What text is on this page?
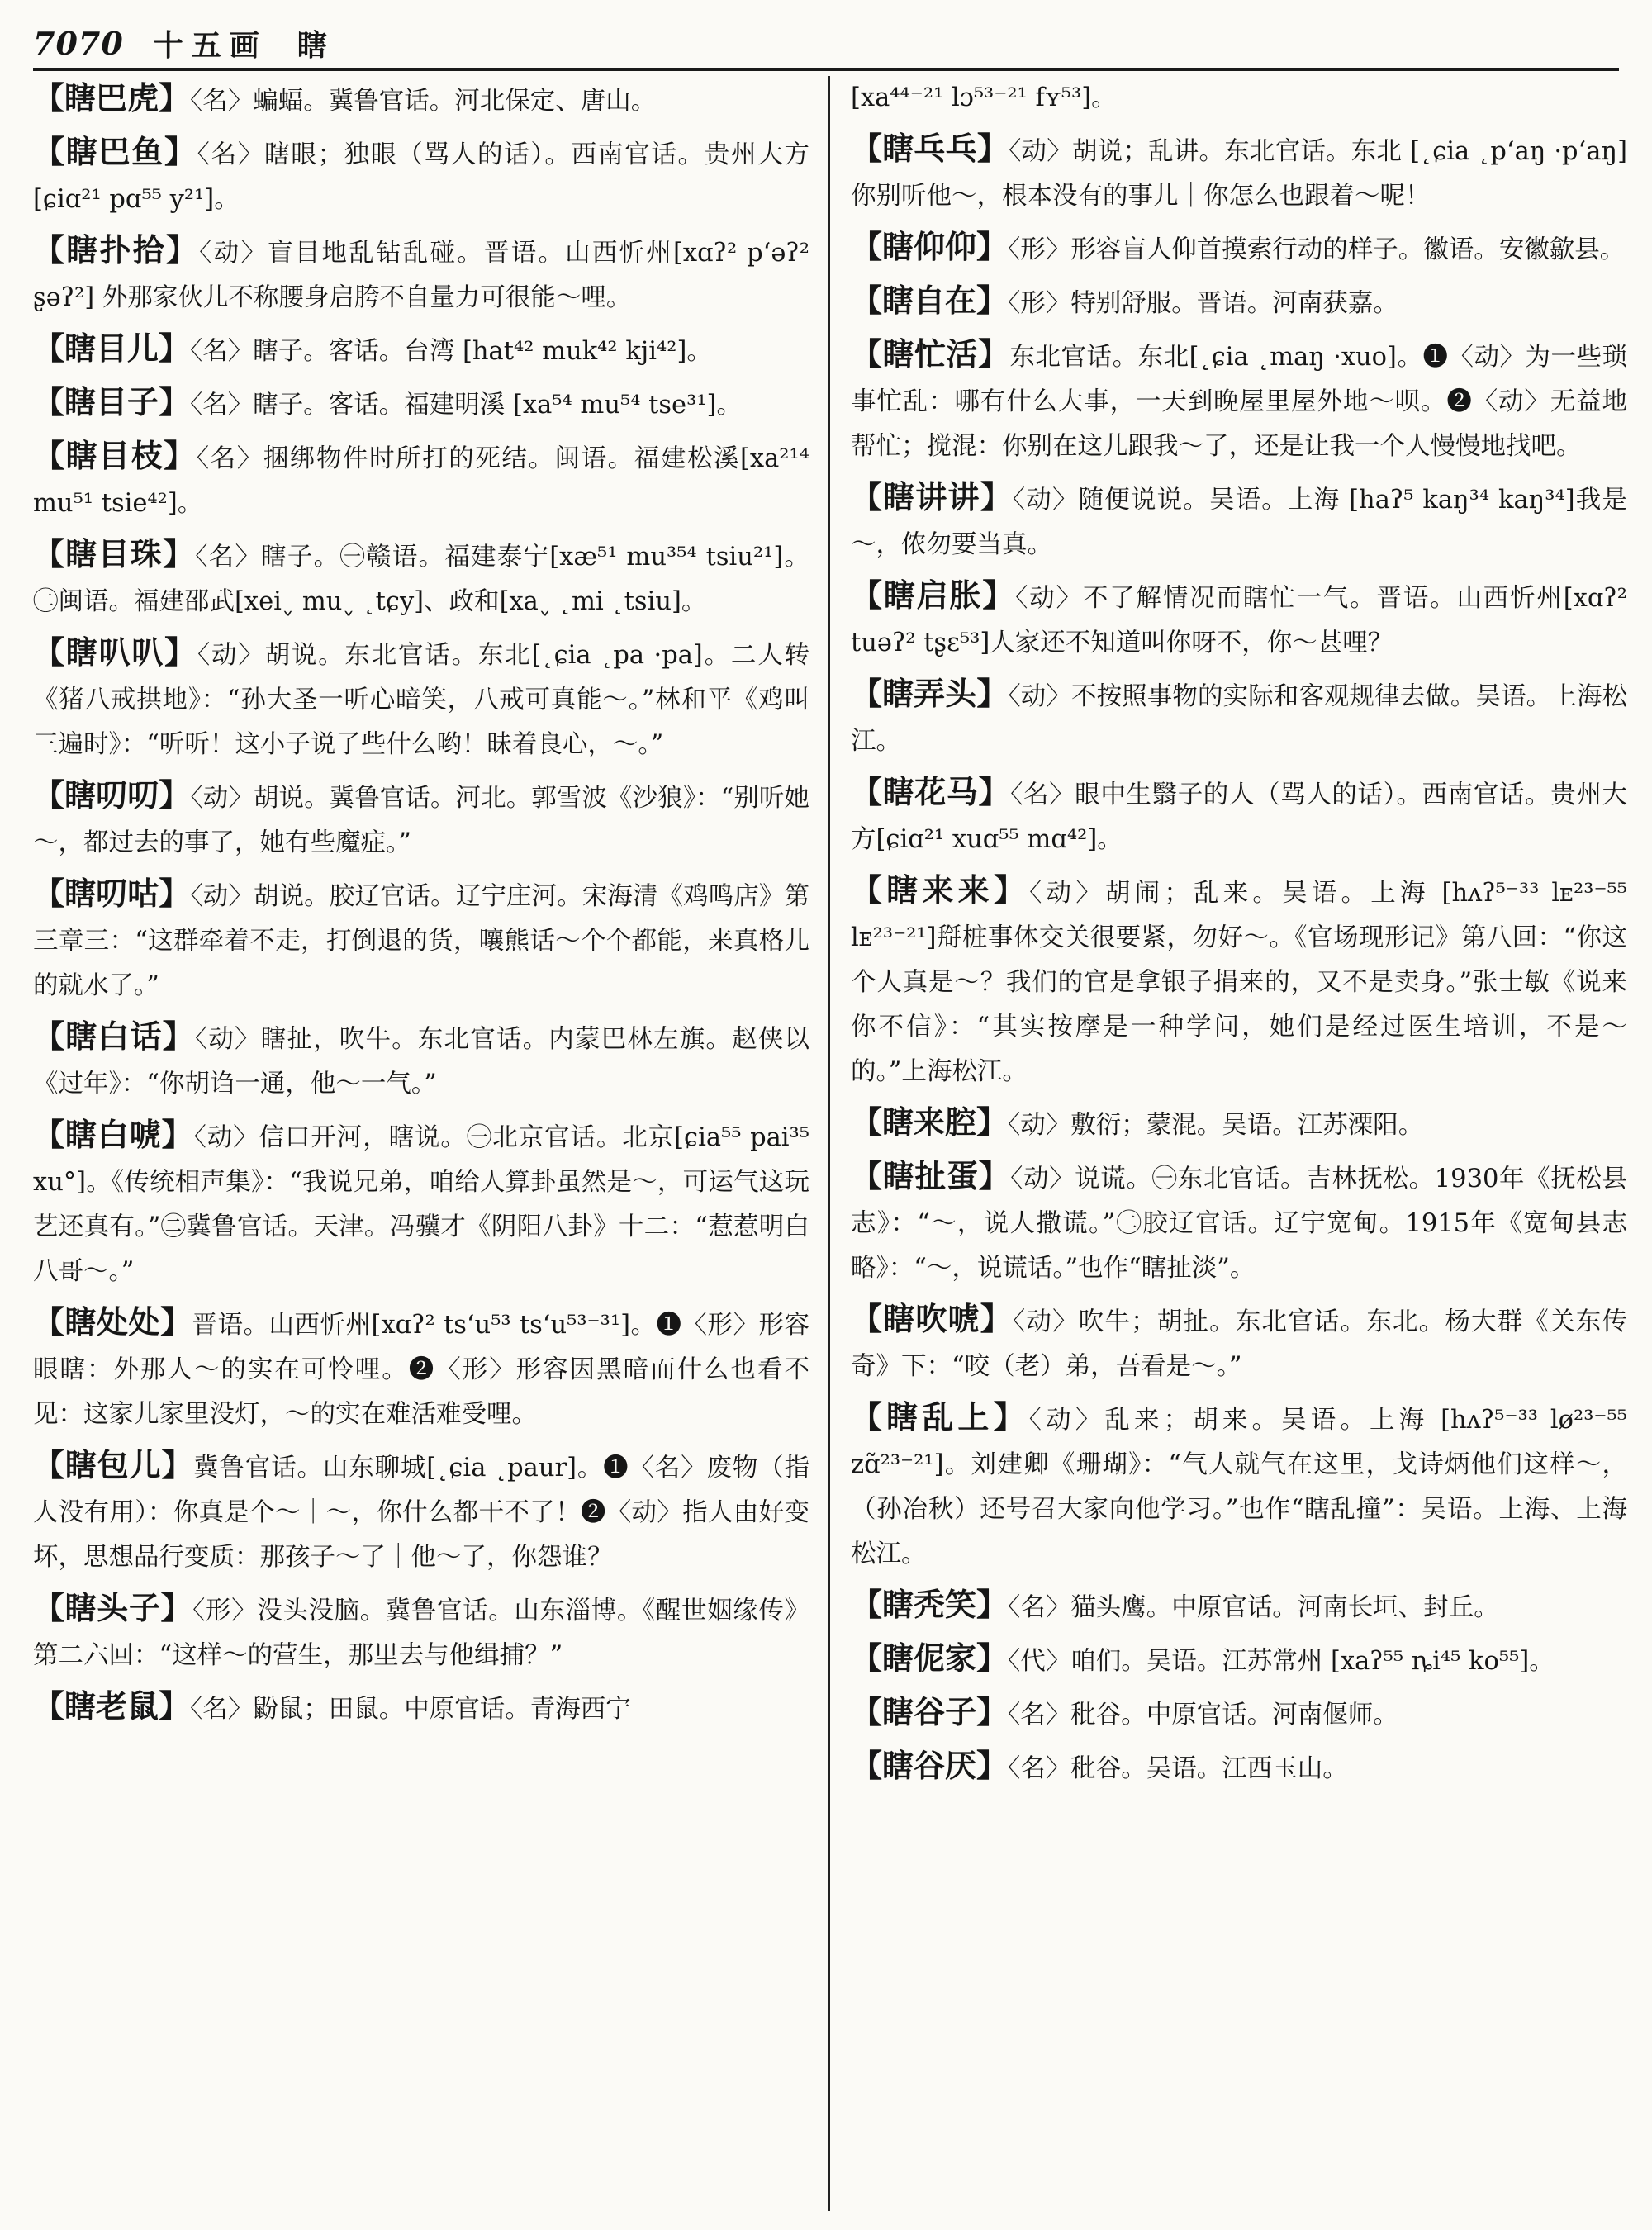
7070 十五画 瞎

【 瞎巴虎 】 〈名〉蝙蝠。冀鲁官话。河北保定、唐山。

【 瞎巴鱼 】 〈名〉瞎眼；独眼（骂人的话）。西南官话。贵州大方[ɕiɑ²¹ pɑ⁵⁵ y²¹]。

【 瞎扑拾 】 〈动〉盲目地乱钻乱碰。晋语。山西忻州[xɑʔ² p‘əʔ² ʂəʔ²] 外那家伙儿不称腰身启胯不自量力可很能～哩。

【 瞎目儿 】 〈名〉瞎子。客话。台湾 [hat⁴² muk⁴² kji⁴²]。

【 瞎目子 】 〈名〉瞎子。客话。福建明溪 [xa⁵⁴ mu⁵⁴ tse³¹]。

【 瞎目枝 】 〈名〉捆绑物件时所打的死结。闽语。福建松溪[xa²¹⁴ mu⁵¹ tsie⁴²]。

【 瞎目珠 】 〈名〉瞎子。㊀赣语。福建泰宁[xæ⁵¹ mu³⁵⁴ tsiu²¹]。㊁闽语。福建邵武[xei˯ mu˯ ˛tɕy]、政和[xa˯ ˛mi ˛tsiu]。

【 瞎叭叭 】 〈动〉胡说。东北官话。东北[˛ɕia ˛pa ·pa]。二人转《猪八戒拱地》：“孙大圣一听心暗笑，八戒可真能～。”林和平《鸡叫三遍时》：“听听！这小子说了些什么哟！昧着良心，～。”

【 瞎叨叨 】 〈动〉胡说。冀鲁官话。河北。郭雪波《沙狼》：“别听她～，都过去的事了，她有些魔症。”

【 瞎叨咕 】 〈动〉胡说。胶辽官话。辽宁庄河。宋海清《鸡鸣店》第三章三：“这群牵着不走，打倒退的货，嚷熊话～个个都能，来真格儿的就水了。”

【 瞎白话 】 〈动〉瞎扯，吹牛。东北官话。内蒙巴林左旗。赵侠以《过年》：“你胡诌一通，他～一气。”

【 瞎白唬 】 〈动〉信口开河，瞎说。㊀北京官话。北京[ɕia⁵⁵ pai³⁵ xu°]。《传统相声集》：“我说兄弟，咱给人算卦虽然是～，可运气这玩艺还真有。”㊁冀鲁官话。天津。冯骥才《阴阳八卦》十二：“惹惹明白八哥～。”

【 瞎处处 】 晋语。山西忻州[xɑʔ² ts‘u⁵³ ts‘u⁵³⁻³¹]。❶〈形〉形容眼瞎：外那人～的实在可怜哩。❷〈形〉形容因黑暗而什么也看不见：这家儿家里没灯，～的实在难活难受哩。

【 瞎包儿 】 冀鲁官话。山东聊城[˛ɕia ˛paur]。❶〈名〉废物（指人没有用）：你真是个～｜～，你什么都干不了！❷〈动〉指人由好变坏，思想品行变质：那孩子～了｜他～了，你怨谁？

【 瞎头子 】 〈形〉没头没脑。冀鲁官话。山东淄博。《醒世姻缘传》第二六回：“这样～的营生，那里去与他缉捕？”

【 瞎老鼠 】 〈名〉鼢鼠；田鼠。中原官话。青海西宁

[xa⁴⁴⁻²¹ lɔ⁵³⁻²¹ fʏ⁵³]。

【 瞎乓乓 】 〈动〉胡说；乱讲。东北官话。东北 [˛ɕia ˛p‘aŋ ·p‘aŋ]你别听他～，根本没有的事儿｜你怎么也跟着～呢！

【 瞎仰仰 】 〈形〉形容盲人仰首摸索行动的样子。徽语。安徽歙县。

【 瞎自在 】 〈形〉特别舒服。晋语。河南获嘉。

【 瞎忙活 】 东北官话。东北[˛ɕia ˛maŋ ·xuo]。❶〈动〉为一些琐事忙乱：哪有什么大事，一天到晚屋里屋外地～呗。❷〈动〉无益地帮忙；搅混：你别在这儿跟我～了，还是让我一个人慢慢地找吧。

【 瞎讲讲 】 〈动〉随便说说。吴语。上海 [haʔ⁵ kaŋ³⁴ kaŋ³⁴]我是～，侬勿要当真。

【 瞎启胀 】 〈动〉不了解情况而瞎忙一气。晋语。山西忻州[xɑʔ² tuəʔ² tʂɛ⁵³]人家还不知道叫你呀不，你～甚哩？

【 瞎弄头 】 〈动〉不按照事物的实际和客观规律去做。吴语。上海松江。

【 瞎花马 】 〈名〉眼中生翳子的人（骂人的话）。西南官话。贵州大方[ɕiɑ²¹ xuɑ⁵⁵ mɑ⁴²]。

【 瞎来来 】 〈动〉胡闹；乱来。吴语。上海 [hʌʔ⁵⁻³³ lᴇ²³⁻⁵⁵ lᴇ²³⁻²¹]搿桩事体交关很要紧，勿好～。《官场现形记》第八回：“你这个人真是～？我们的官是拿银子捐来的，又不是卖身。”张士敏《说来你不信》：“其实按摩是一种学问，她们是经过医生培训，不是～的。”上海松江。

【 瞎来腔 】 〈动〉敷衍；蒙混。吴语。江苏溧阳。

【 瞎扯蛋 】 〈动〉说谎。㊀东北官话。吉林抚松。1930年《抚松县志》：“～，说人撒谎。”㊁胶辽官话。辽宁宽甸。1915年《宽甸县志略》：“～，说谎话。”也作“瞎扯淡”。

【 瞎吹唬 】 〈动〉吹牛；胡扯。东北官话。东北。杨大群《关东传奇》下：“咬（老）弟，吾看是～。”

【 瞎乱上 】 〈动〉乱来；胡来。吴语。上海 [hʌʔ⁵⁻³³ lø²³⁻⁵⁵ zɑ̃²³⁻²¹]。刘建卿《珊瑚》：“气人就气在这里，戈诗炳他们这样～，（孙冶秋）还号召大家向他学习。”也作“瞎乱撞”：吴语。上海、上海松江。

【 瞎秃笑 】 〈名〉猫头鹰。中原官话。河南长垣、封丘。

【 瞎伲家 】 〈代〉咱们。吴语。江苏常州 [xaʔ⁵⁵ ȵi⁴⁵ ko⁵⁵]。

【 瞎谷子 】 〈名〉秕谷。中原官话。河南偃师。

【 瞎谷厌 】 〈名〉秕谷。吴语。江西玉山。
